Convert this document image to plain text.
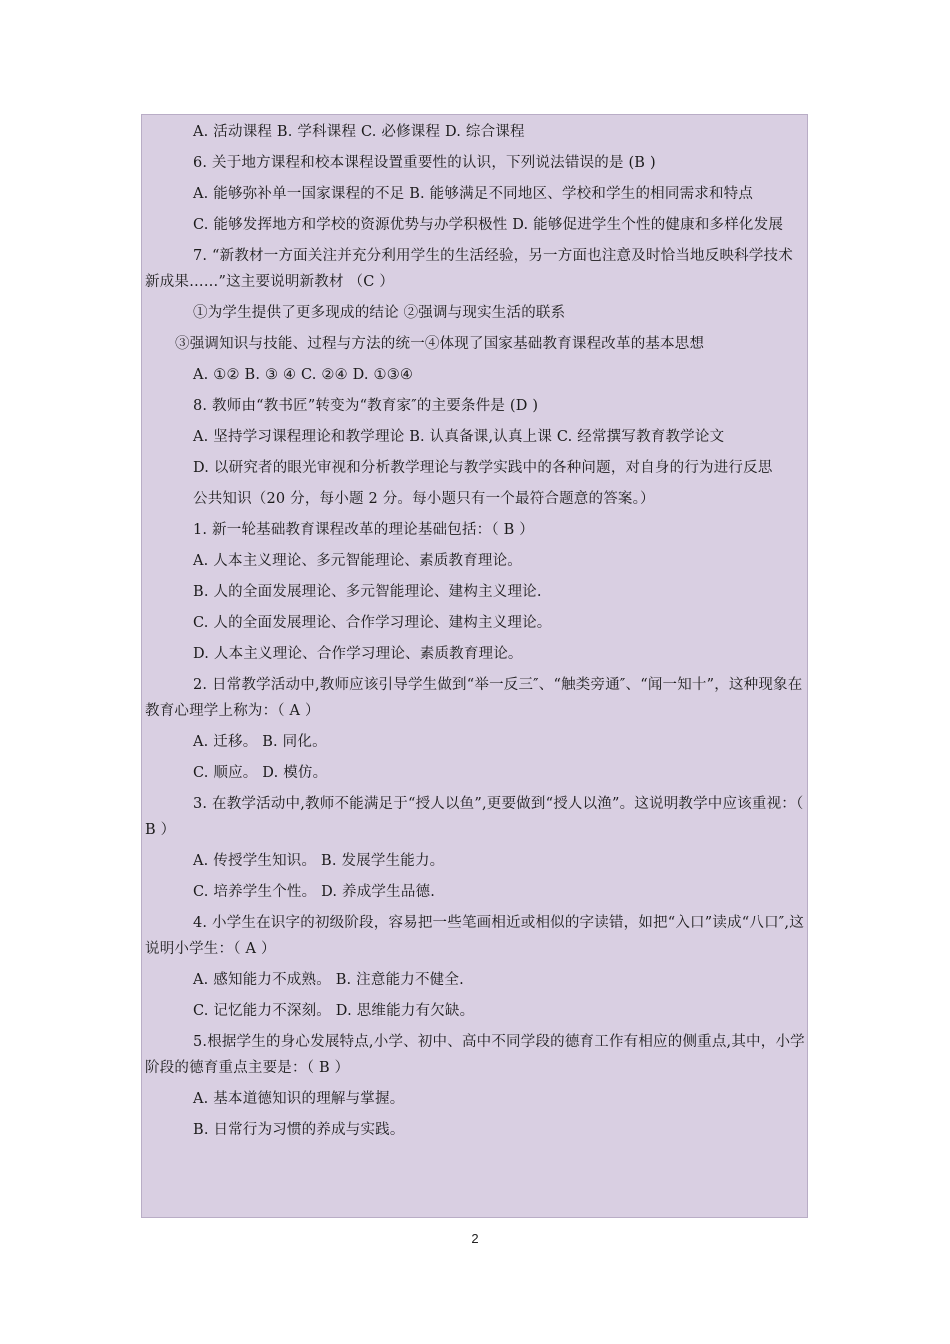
A. 活动课程 B. 学科课程 C. 必修课程 D. 综合课程

6. 关于地方课程和校本课程设置重要性的认识，下列说法错误的是 (B )

A. 能够弥补单一国家课程的不足 B. 能够满足不同地区、学校和学生的相同需求和特点

C. 能够发挥地方和学校的资源优势与办学积极性 D. 能够促进学生个性的健康和多样化发展

7. “新教材一方面关注并充分利用学生的生活经验，另一方面也注意及时恰当地反映科学技术新成果……”这主要说明新教材 （C ）

①为学生提供了更多现成的结论 ②强调与现实生活的联系

③强调知识与技能、过程与方法的统一④体现了国家基础教育课程改革的基本思想

A. ①② B. ③ ④ C. ②④ D. ①③④

8. 教师由“教书匠”转变为“教育家″的主要条件是 (D )

A. 坚持学习课程理论和教学理论 B. 认真备课,认真上课 C. 经常撰写教育教学论文

D. 以研究者的眼光审视和分析教学理论与教学实践中的各种问题，对自身的行为进行反思

公共知识（20 分，每小题 2 分。每小题只有一个最符合题意的答案。）

1. 新一轮基础教育课程改革的理论基础包括：（ B ）

A. 人本主义理论、多元智能理论、素质教育理论。

B. 人的全面发展理论、多元智能理论、建构主义理论.

C. 人的全面发展理论、合作学习理论、建构主义理论。

D. 人本主义理论、合作学习理论、素质教育理论。

2. 日常教学活动中,教师应该引导学生做到“举一反三″、“触类旁通″、“闻一知十”，这种现象在教育心理学上称为：（ A ）

A. 迁移。 B. 同化。

C. 顺应。 D. 模仿。

3. 在教学活动中,教师不能满足于“授人以鱼”,更要做到“授人以渔”。这说明教学中应该重视：（ B ）

A. 传授学生知识。 B. 发展学生能力。

C. 培养学生个性。 D. 养成学生品德.

4. 小学生在识字的初级阶段，容易把一些笔画相近或相似的字读错，如把“入口”读成“八口″,这说明小学生：（ A ）

A. 感知能力不成熟。 B. 注意能力不健全.

C. 记忆能力不深刻。 D. 思维能力有欠缺。

5.根据学生的身心发展特点,小学、初中、高中不同学段的德育工作有相应的侧重点,其中，小学阶段的德育重点主要是：（ B ）

A. 基本道德知识的理解与掌握。

B. 日常行为习惯的养成与实践。

2
